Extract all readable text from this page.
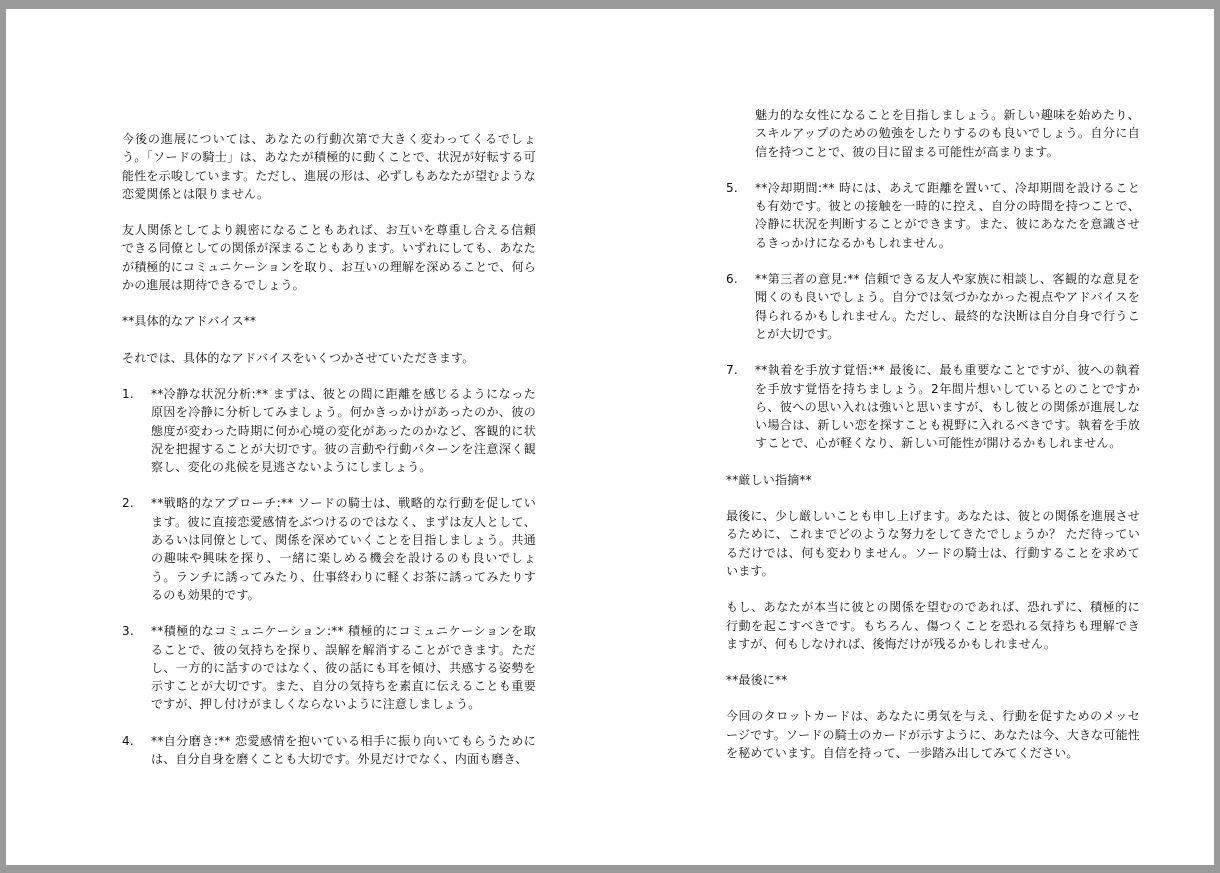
今後の進展については、あなたの行動次第で大きく変わってくるでしょう。「ソードの騎士」は、あなたが積極的に動くことで、状況が好転する可能性を示唆しています。ただし、進展の形は、必ずしもあなたが望むような恋愛関係とは限りません。

友人関係としてより親密になることもあれば、お互いを尊重し合える信頼できる同僚としての関係が深まることもあります。いずれにしても、あなたが積極的にコミュニケーションを取り、お互いの理解を深めることで、何らかの進展は期待できるでしょう。

**具体的なアドバイス**

それでは、具体的なアドバイスをいくつかさせていただきます。

1. **冷静な状況分析:** まずは、彼との間に距離を感じるようになった原因を冷静に分析してみましょう。何かきっかけがあったのか、彼の態度が変わった時期に何か心境の変化があったのかなど、客観的に状況を把握することが大切です。彼の言動や行動パターンを注意深く観察し、変化の兆候を見逃さないようにしましょう。
2. **戦略的なアプローチ:** ソードの騎士は、戦略的な行動を促しています。彼に直接恋愛感情をぶつけるのではなく、まずは友人として、あるいは同僚として、関係を深めていくことを目指しましょう。共通の趣味や興味を探り、一緒に楽しめる機会を設けるのも良いでしょう。ランチに誘ってみたり、仕事終わりに軽くお茶に誘ってみたりするのも効果的です。
3. **積極的なコミュニケーション:** 積極的にコミュニケーションを取ることで、彼の気持ちを探り、誤解を解消することができます。ただし、一方的に話すのではなく、彼の話にも耳を傾け、共感する姿勢を示すことが大切です。また、自分の気持ちを素直に伝えることも重要ですが、押し付けがましくならないように注意しましょう。
4. **自分磨き:** 恋愛感情を抱いている相手に振り向いてもらうためには、自分自身を磨くことも大切です。外見だけでなく、内面も磨き、

魅力的な女性になることを目指しましょう。新しい趣味を始めたり、スキルアップのための勉強をしたりするのも良いでしょう。自分に自信を持つことで、彼の目に留まる可能性が高まります。

5. **冷却期間:** 時には、あえて距離を置いて、冷却期間を設けることも有効です。彼との接触を一時的に控え、自分の時間を持つことで、冷静に状況を判断することができます。また、彼にあなたを意識させるきっかけになるかもしれません。
6. **第三者の意見:** 信頼できる友人や家族に相談し、客観的な意見を聞くのも良いでしょう。自分では気づかなかった視点やアドバイスを得られるかもしれません。ただし、最終的な決断は自分自身で行うことが大切です。
7. **執着を手放す覚悟:** 最後に、最も重要なことですが、彼への執着を手放す覚悟を持ちましょう。2年間片想いしているとのことですから、彼への思い入れは強いと思いますが、もし彼との関係が進展しない場合は、新しい恋を探すことも視野に入れるべきです。執着を手放すことで、心が軽くなり、新しい可能性が開けるかもしれません。

**厳しい指摘**

最後に、少し厳しいことも申し上げます。あなたは、彼との関係を進展させるために、これまでどのような努力をしてきたでしょうか？ ただ待っているだけでは、何も変わりません。ソードの騎士は、行動することを求めています。

もし、あなたが本当に彼との関係を望むのであれば、恐れずに、積極的に行動を起こすべきです。もちろん、傷つくことを恐れる気持ちも理解できますが、何もしなければ、後悔だけが残るかもしれません。

**最後に**

今回のタロットカードは、あなたに勇気を与え、行動を促すためのメッセージです。ソードの騎士のカードが示すように、あなたは今、大きな可能性を秘めています。自信を持って、一歩踏み出してみてください。
